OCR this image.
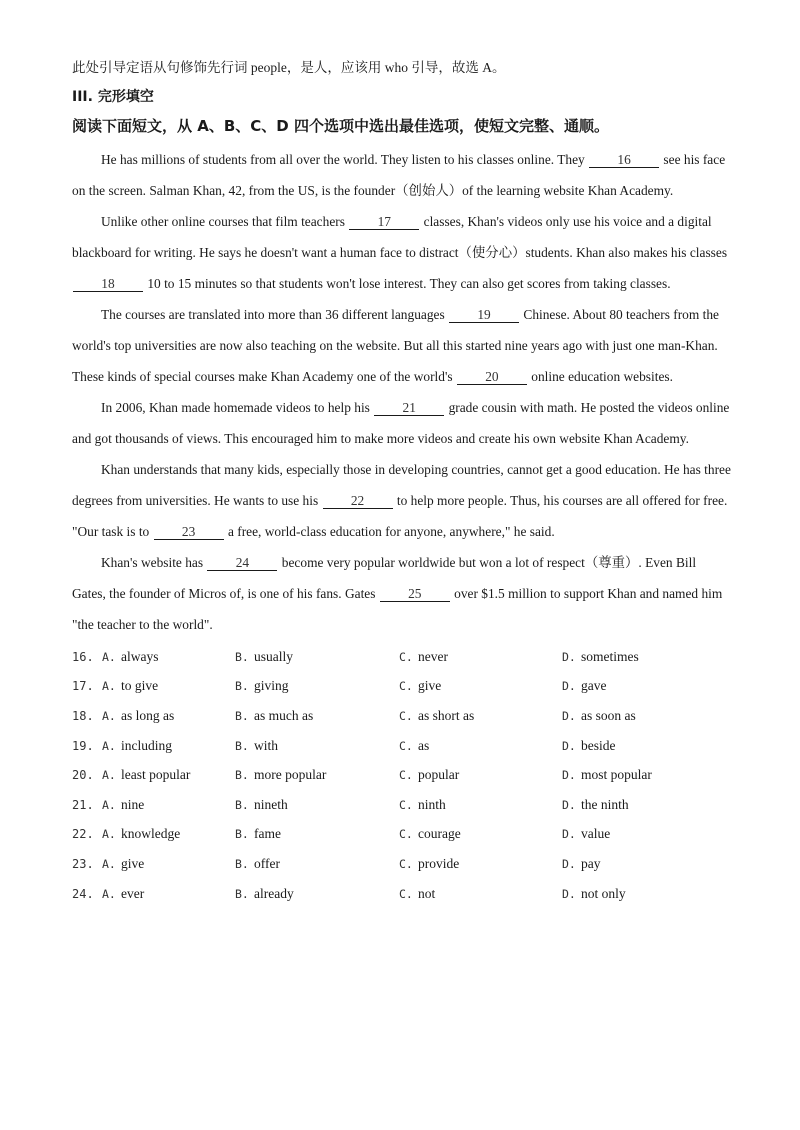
此处引导定语从句修饰先行词 people，是人，应该用 who 引导，故选 A。

III. 完形填空
阅读下面短文，从 A、B、C、D 四个选项中选出最佳选项，使短文完整、通顺。

He has millions of students from all over the world. They listen to his classes online. They 16 see his face on the screen. Salman Khan, 42, from the US, is the founder（创始人）of the learning website Khan Academy.

Unlike other online courses that film teachers 17 classes, Khan's videos only use his voice and a digital blackboard for writing. He says he doesn't want a human face to distract（使分心）students. Khan also makes his classes 18 10 to 15 minutes so that students won't lose interest. They can also get scores from taking classes.

The courses are translated into more than 36 different languages 19 Chinese. About 80 teachers from the world's top universities are now also teaching on the website. But all this started nine years ago with just one man-Khan. These kinds of special courses make Khan Academy one of the world's 20 online education websites.

In 2006, Khan made homemade videos to help his 21 grade cousin with math. He posted the videos online and got thousands of views. This encouraged him to make more videos and create his own website Khan Academy.

Khan understands that many kids, especially those in developing countries, cannot get a good education. He has three degrees from universities. He wants to use his 22 to help more people. Thus, his courses are all offered for free. "Our task is to 23 a free, world-class education for anyone, anywhere," he said.

Khan's website has 24 become very popular worldwide but won a lot of respect（尊重）. Even Bill Gates, the founder of Micros of, is one of his fans. Gates 25 over $1.5 million to support Khan and named him "the teacher to the world".

16. A. always	B. usually	C. never	D. sometimes
17. A. to give	B. giving	C. give	D. gave
18. A. as long as	B. as much as	C. as short as	D. as soon as
19. A. including	B. with	C. as	D. beside
20. A. least popular	B. more popular	C. popular	D. most popular
21. A. nine	B. nineth	C. ninth	D. the ninth
22. A. knowledge	B. fame	C. courage	D. value
23. A. give	B. offer	C. provide	D. pay
24. A. ever	B. already	C. not	D. not only
